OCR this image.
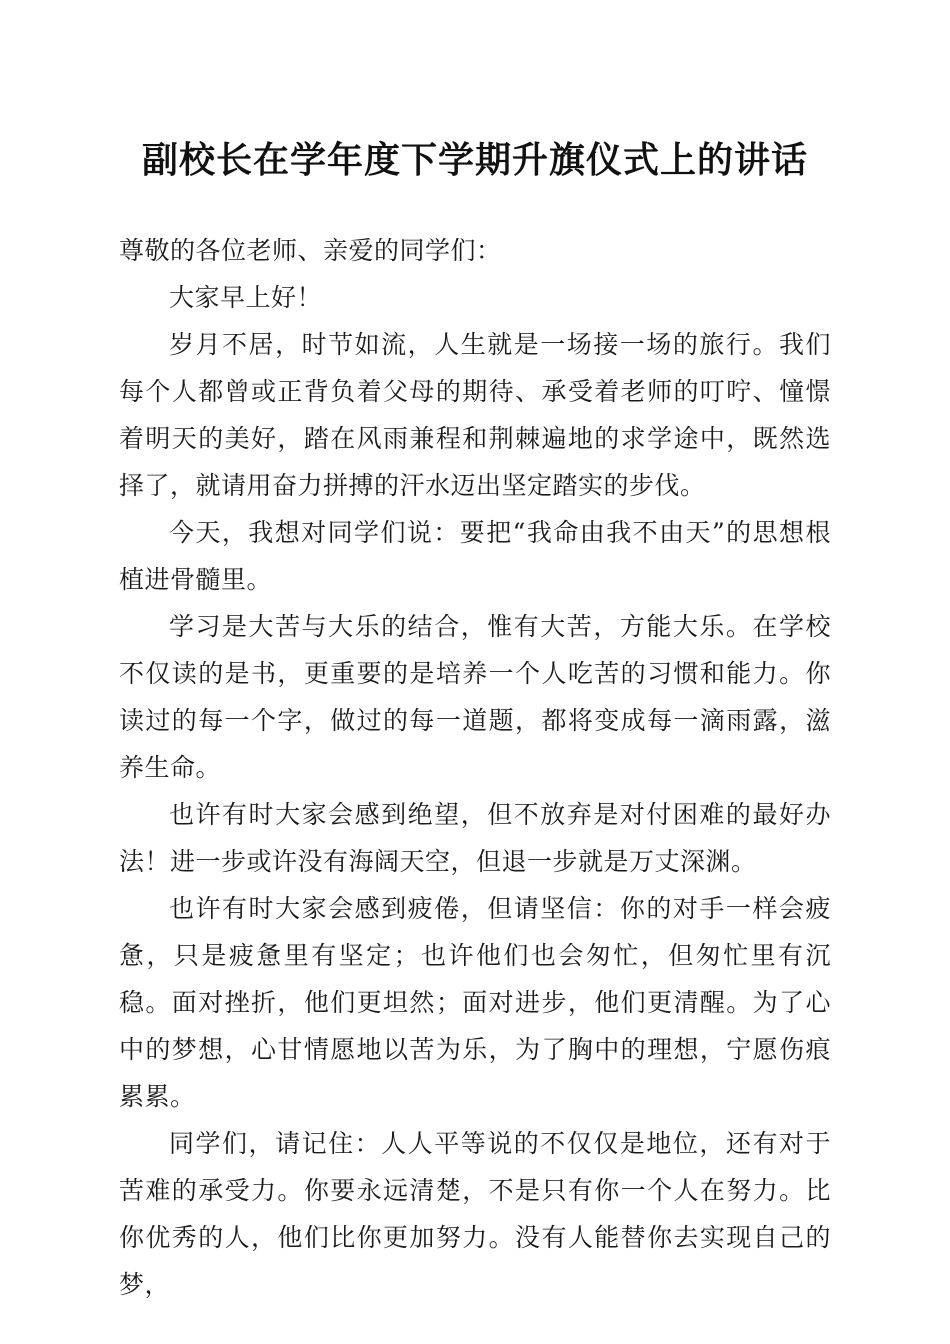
副校长在学年度下学期升旗仪式上的讲话

尊敬的各位老师、亲爱的同学们：

大家早上好！

岁月不居，时节如流，人生就是一场接一场的旅行。我们每个人都曾或正背负着父母的期待、承受着老师的叮咛、憧憬着明天的美好，踏在风雨兼程和荆棘遍地的求学途中，既然选择了，就请用奋力拼搏的汗水迈出坚定踏实的步伐。

今天，我想对同学们说：要把“我命由我不由天”的思想根植进骨髓里。

学习是大苦与大乐的结合，惟有大苦，方能大乐。在学校不仅读的是书，更重要的是培养一个人吃苦的习惯和能力。你读过的每一个字，做过的每一道题，都将变成每一滴雨露，滋养生命。

也许有时大家会感到绝望，但不放弃是对付困难的最好办法！进一步或许没有海阔天空，但退一步就是万丈深渊。

也许有时大家会感到疲倦，但请坚信：你的对手一样会疲惫，只是疲惫里有坚定；也许他们也会匆忙，但匆忙里有沉稳。面对挫折，他们更坦然；面对进步，他们更清醒。为了心中的梦想，心甘情愿地以苦为乐，为了胸中的理想，宁愿伤痕累累。

同学们，请记住：人人平等说的不仅仅是地位，还有对于苦难的承受力。你要永远清楚，不是只有你一个人在努力。比你优秀的人，他们比你更加努力。没有人能替你去实现自己的梦，
